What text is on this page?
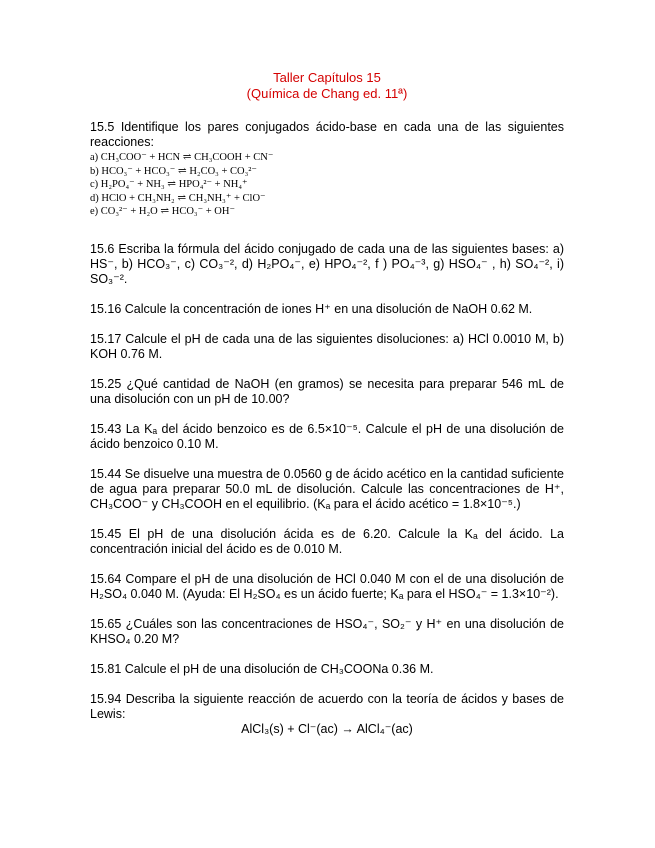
Taller Capítulos 15
(Química de Chang ed. 11ª)

15.5 Identifique los pares conjugados ácido-base en cada una de las siguientes reacciones:

a) CH₃COO⁻ + HCN ⇌ CH₃COOH + CN⁻

b) HCO₃⁻ + HCO₃⁻ ⇌ H₂CO₃ + CO₃²⁻

c) H₂PO₄⁻ + NH₃ ⇌ HPO₄²⁻ + NH₄⁺

d) HClO + CH₃NH₂ ⇌ CH₃NH₃⁺ + ClO⁻

e) CO₃²⁻ + H₂O ⇌ HCO₃⁻ + OH⁻

15.6 Escriba la fórmula del ácido conjugado de cada una de las siguientes bases: a) HS⁻, b) HCO₃⁻, c) CO₃⁻², d) H₂PO₄⁻, e) HPO₄⁻², f ) PO₄⁻³, g) HSO₄⁻ , h) SO₄⁻², i) SO₃⁻².

15.16 Calcule la concentración de iones H⁺ en una disolución de NaOH 0.62 M.

15.17 Calcule el pH de cada una de las siguientes disoluciones: a) HCl 0.0010 M, b) KOH 0.76 M.

15.25 ¿Qué cantidad de NaOH (en gramos) se necesita para preparar 546 mL de una disolución con un pH de 10.00?

15.43 La Kₐ del ácido benzoico es de 6.5×10⁻⁵. Calcule el pH de una disolución de ácido benzoico 0.10 M.

15.44 Se disuelve una muestra de 0.0560 g de ácido acético en la cantidad suficiente de agua para preparar 50.0 mL de disolución. Calcule las concentraciones de H⁺, CH₃COO⁻ y CH₃COOH en el equilibrio. (Kₐ para el ácido acético = 1.8×10⁻⁵.)

15.45 El pH de una disolución ácida es de 6.20. Calcule la Kₐ del ácido. La concentración inicial del ácido es de 0.010 M.

15.64 Compare el pH de una disolución de HCl 0.040 M con el de una disolución de H₂SO₄ 0.040 M. (Ayuda: El H₂SO₄ es un ácido fuerte; Kₐ para el HSO₄⁻ = 1.3×10⁻²).

15.65 ¿Cuáles son las concentraciones de HSO₄⁻, SO₂⁻ y H⁺ en una disolución de KHSO₄ 0.20 M?

15.81 Calcule el pH de una disolución de CH₃COONa 0.36 M.

15.94 Describa la siguiente reacción de acuerdo con la teoría de ácidos y bases de Lewis:

AlCl₃(s) + Cl⁻(ac) → AlCl₄⁻(ac)
